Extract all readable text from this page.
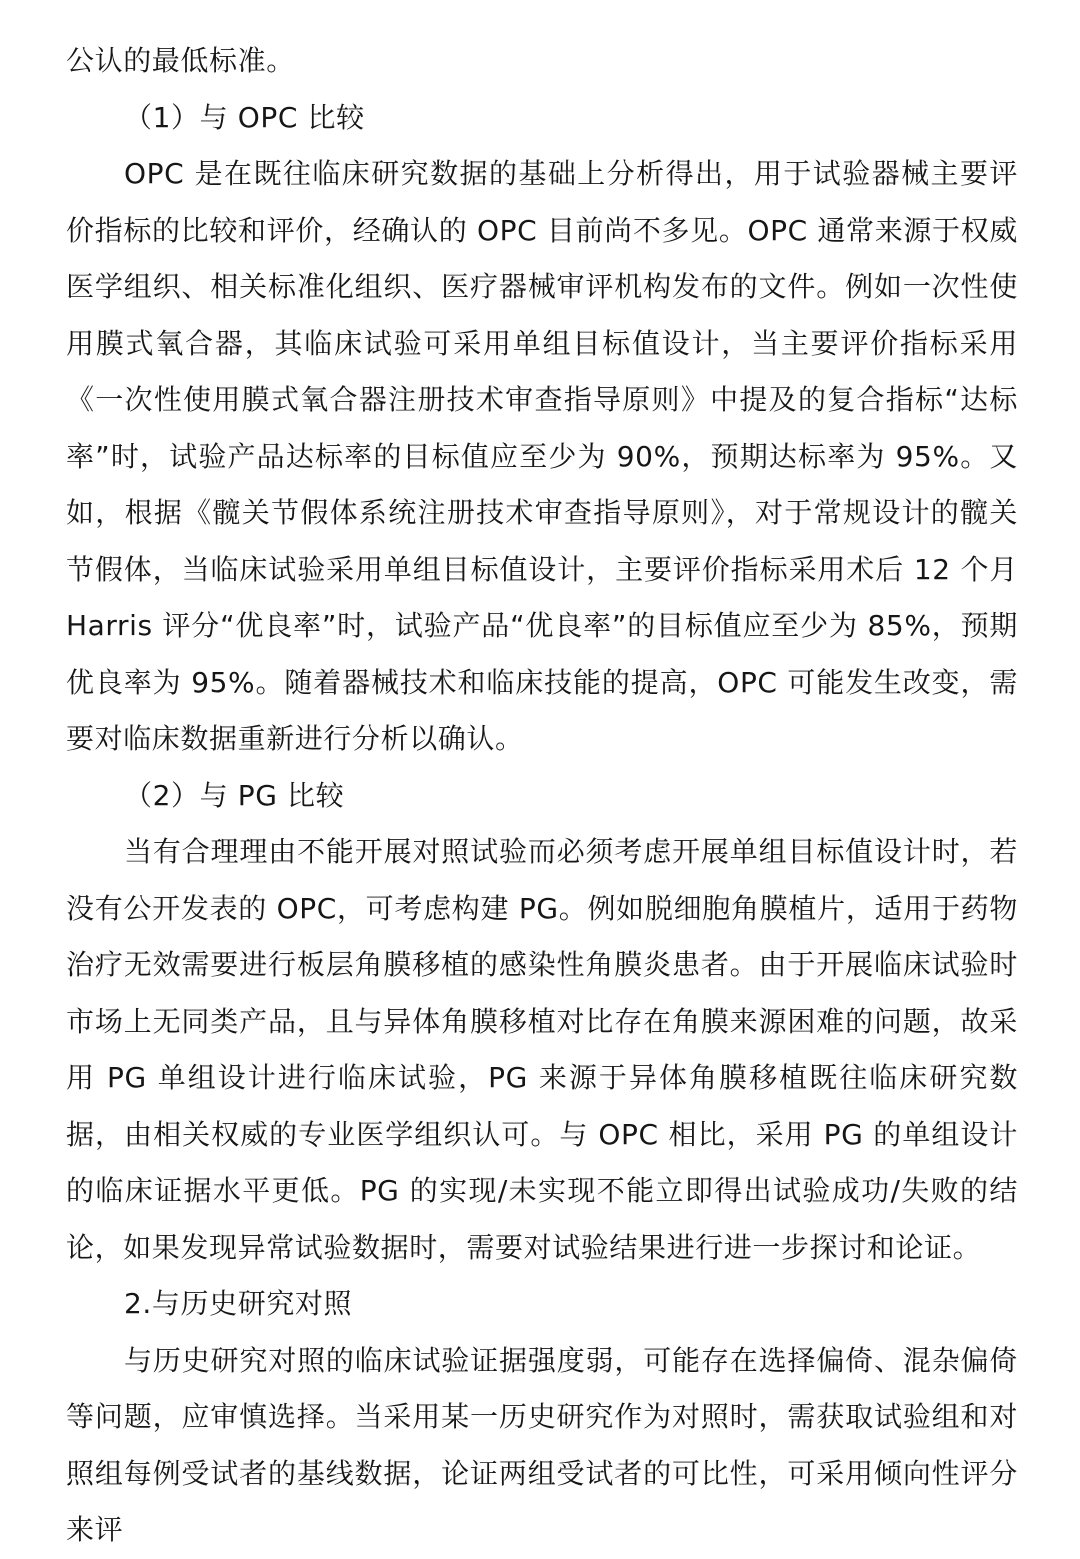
公认的最低标准。

（1）与 OPC 比较

OPC 是在既往临床研究数据的基础上分析得出，用于试验器械主要评价指标的比较和评价，经确认的 OPC 目前尚不多见。OPC 通常来源于权威医学组织、相关标准化组织、医疗器械审评机构发布的文件。例如一次性使用膜式氧合器，其临床试验可采用单组目标值设计，当主要评价指标采用《一次性使用膜式氧合器注册技术审查指导原则》中提及的复合指标“达标率”时，试验产品达标率的目标值应至少为 90%，预期达标率为 95%。又如，根据《髋关节假体系统注册技术审查指导原则》，对于常规设计的髋关节假体，当临床试验采用单组目标值设计，主要评价指标采用术后 12 个月 Harris 评分“优良率”时，试验产品“优良率”的目标值应至少为 85%，预期优良率为 95%。随着器械技术和临床技能的提高，OPC 可能发生改变，需要对临床数据重新进行分析以确认。

（2）与 PG 比较

当有合理理由不能开展对照试验而必须考虑开展单组目标值设计时，若没有公开发表的 OPC，可考虑构建 PG。例如脱细胞角膜植片，适用于药物治疗无效需要进行板层角膜移植的感染性角膜炎患者。由于开展临床试验时市场上无同类产品，且与异体角膜移植对比存在角膜来源困难的问题，故采用 PG 单组设计进行临床试验，PG 来源于异体角膜移植既往临床研究数据，由相关权威的专业医学组织认可。与 OPC 相比，采用 PG 的单组设计的临床证据水平更低。PG 的实现/未实现不能立即得出试验成功/失败的结论，如果发现异常试验数据时，需要对试验结果进行进一步探讨和论证。

2.与历史研究对照

与历史研究对照的临床试验证据强度弱，可能存在选择偏倚、混杂偏倚等问题，应审慎选择。当采用某一历史研究作为对照时，需获取试验组和对照组每例受试者的基线数据，论证两组受试者的可比性，可采用倾向性评分来评
